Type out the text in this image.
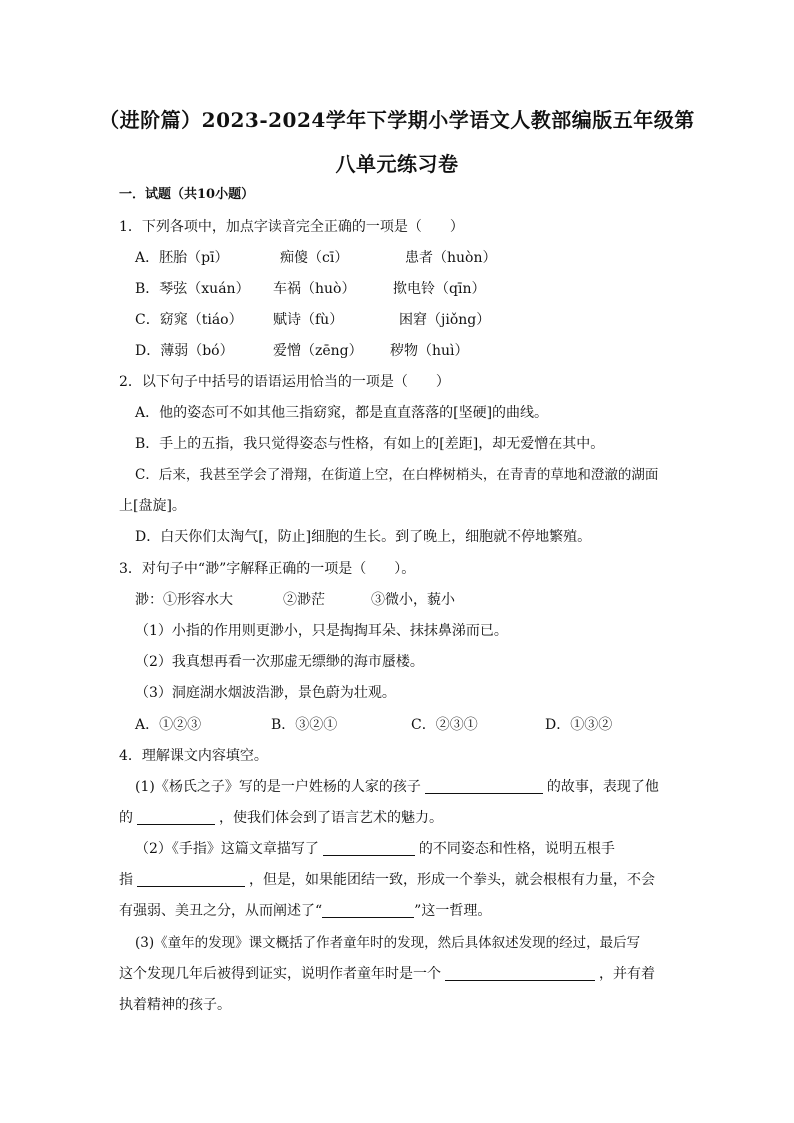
（进阶篇）2023-2024学年下学期小学语文人教部编版五年级第
八单元练习卷
一．试题（共10小题）
1．下列各项中，加点字读音完全正确的一项是（　　）
A．胚胎（pī）	痴傻（cī）	患者（huòn）
B．琴弦（xuán） 车祸（huò）	揿电铃（qīn）
C．窈窕（tiáo） 赋诗（fù）	困窘（jiǒng）
D．薄弱（bó）	爱憎（zēng） 秽物（huì）
2．以下句子中括号的语语运用恰当的一项是（　　）
A．他的姿态可不如其他三指窈窕，都是直直落落的[坚硬]的曲线。
B．手上的五指，我只觉得姿态与性格，有如上的[差距]，却无爱憎在其中。
C．后来，我甚至学会了滑翔，在街道上空，在白桦树梢头，在青青的草地和澄澈的湖面
上[盘旋]。
D．白天你们太淘气[，防止]细胞的生长。到了晚上，细胞就不停地繁殖。
3．对句子中“渺”字解释正确的一项是（　　）。
渺：①形容水大	②渺茫	③微小，藐小
（1）小指的作用则更渺小，只是掏掏耳朵、抹抹鼻涕而已。
（2）我真想再看一次那虚无缥缈的海市蜃楼。
（3）洞庭湖水烟波浩渺，景色蔚为壮观。
A．①②③	B．③②①	C．②③①	D．①③②
4．理解课文内容填空。
(1)《杨氏之子》写的是一户姓杨的人家的孩子	的故事，表现了他
的	，使我们体会到了语言艺术的魅力。
（2）《手指》这篇文章描写了	的不同姿态和性格，说明五根手
指	，但是，如果能团结一致，形成一个拳头，就会根根有力量，不会
有强弱、美丑之分，从而阐述了“	”这一哲理。
(3)《童年的发现》课文概括了作者童年时的发现，然后具体叙述发现的经过，最后写
这个发现几年后被得到证实，说明作者童年时是一个	，并有着
执着精神的孩子。
